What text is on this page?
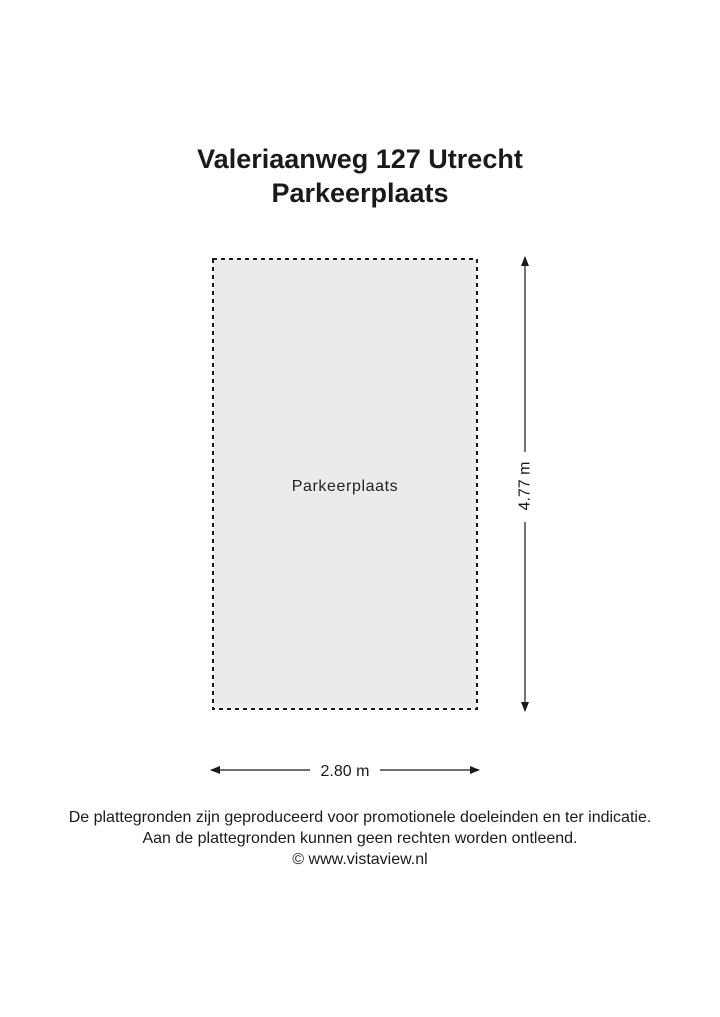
Valeriaanweg 127 Utrecht
Parkeerplaats
Parkeerplaats	4.77 m
2.80 m
De plattegronden zijn geproduceerd voor promotionele doeleinden en ter indicatie.
Aan de plattegronden kunnen geen rechten worden ontleend.
© www.vistaview.nl
